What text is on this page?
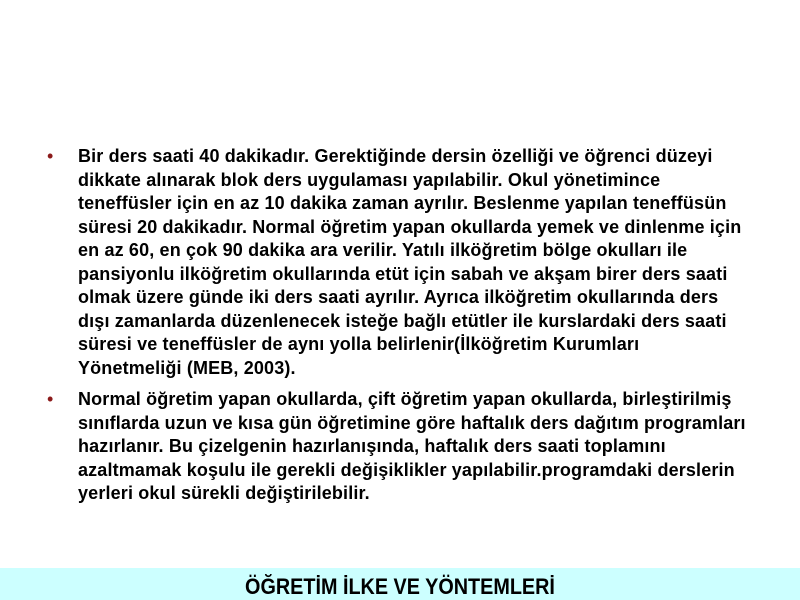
• Bir ders saati 40 dakikadır. Gerektiğinde dersin özelliği ve öğrenci düzeyi dikkate alınarak blok ders uygulaması yapılabilir. Okul yönetimince teneffüsler için en az 10 dakika zaman ayrılır. Beslenme yapılan teneffüsün süresi 20 dakikadır. Normal öğretim yapan okullarda yemek ve dinlenme için en az 60, en çok 90 dakika ara verilir. Yatılı ilköğretim bölge okulları ile pansiyonlu ilköğretim okullarında etüt için sabah ve akşam birer ders saati olmak üzere günde iki ders saati ayrılır. Ayrıca ilköğretim okullarında ders dışı zamanlarda düzenlenecek isteğe bağlı etütler ile kurslardaki ders saati süresi ve teneffüsler de aynı yolla belirlenir(İlköğretim Kurumları Yönetmeliği (MEB, 2003).
• Normal öğretim yapan okullarda, çift öğretim yapan okullarda, birleştirilmiş sınıflarda uzun ve kısa gün öğretimine göre haftalık ders dağıtım programları hazırlanır. Bu çizelgenin hazırlanışında, haftalık ders saati toplamını azaltmamak koşulu ile gerekli değişiklikler yapılabilir.programdaki derslerin yerleri okul sürekli değiştirilebilir.
ÖĞRETİM İLKE VE YÖNTEMLERİ
